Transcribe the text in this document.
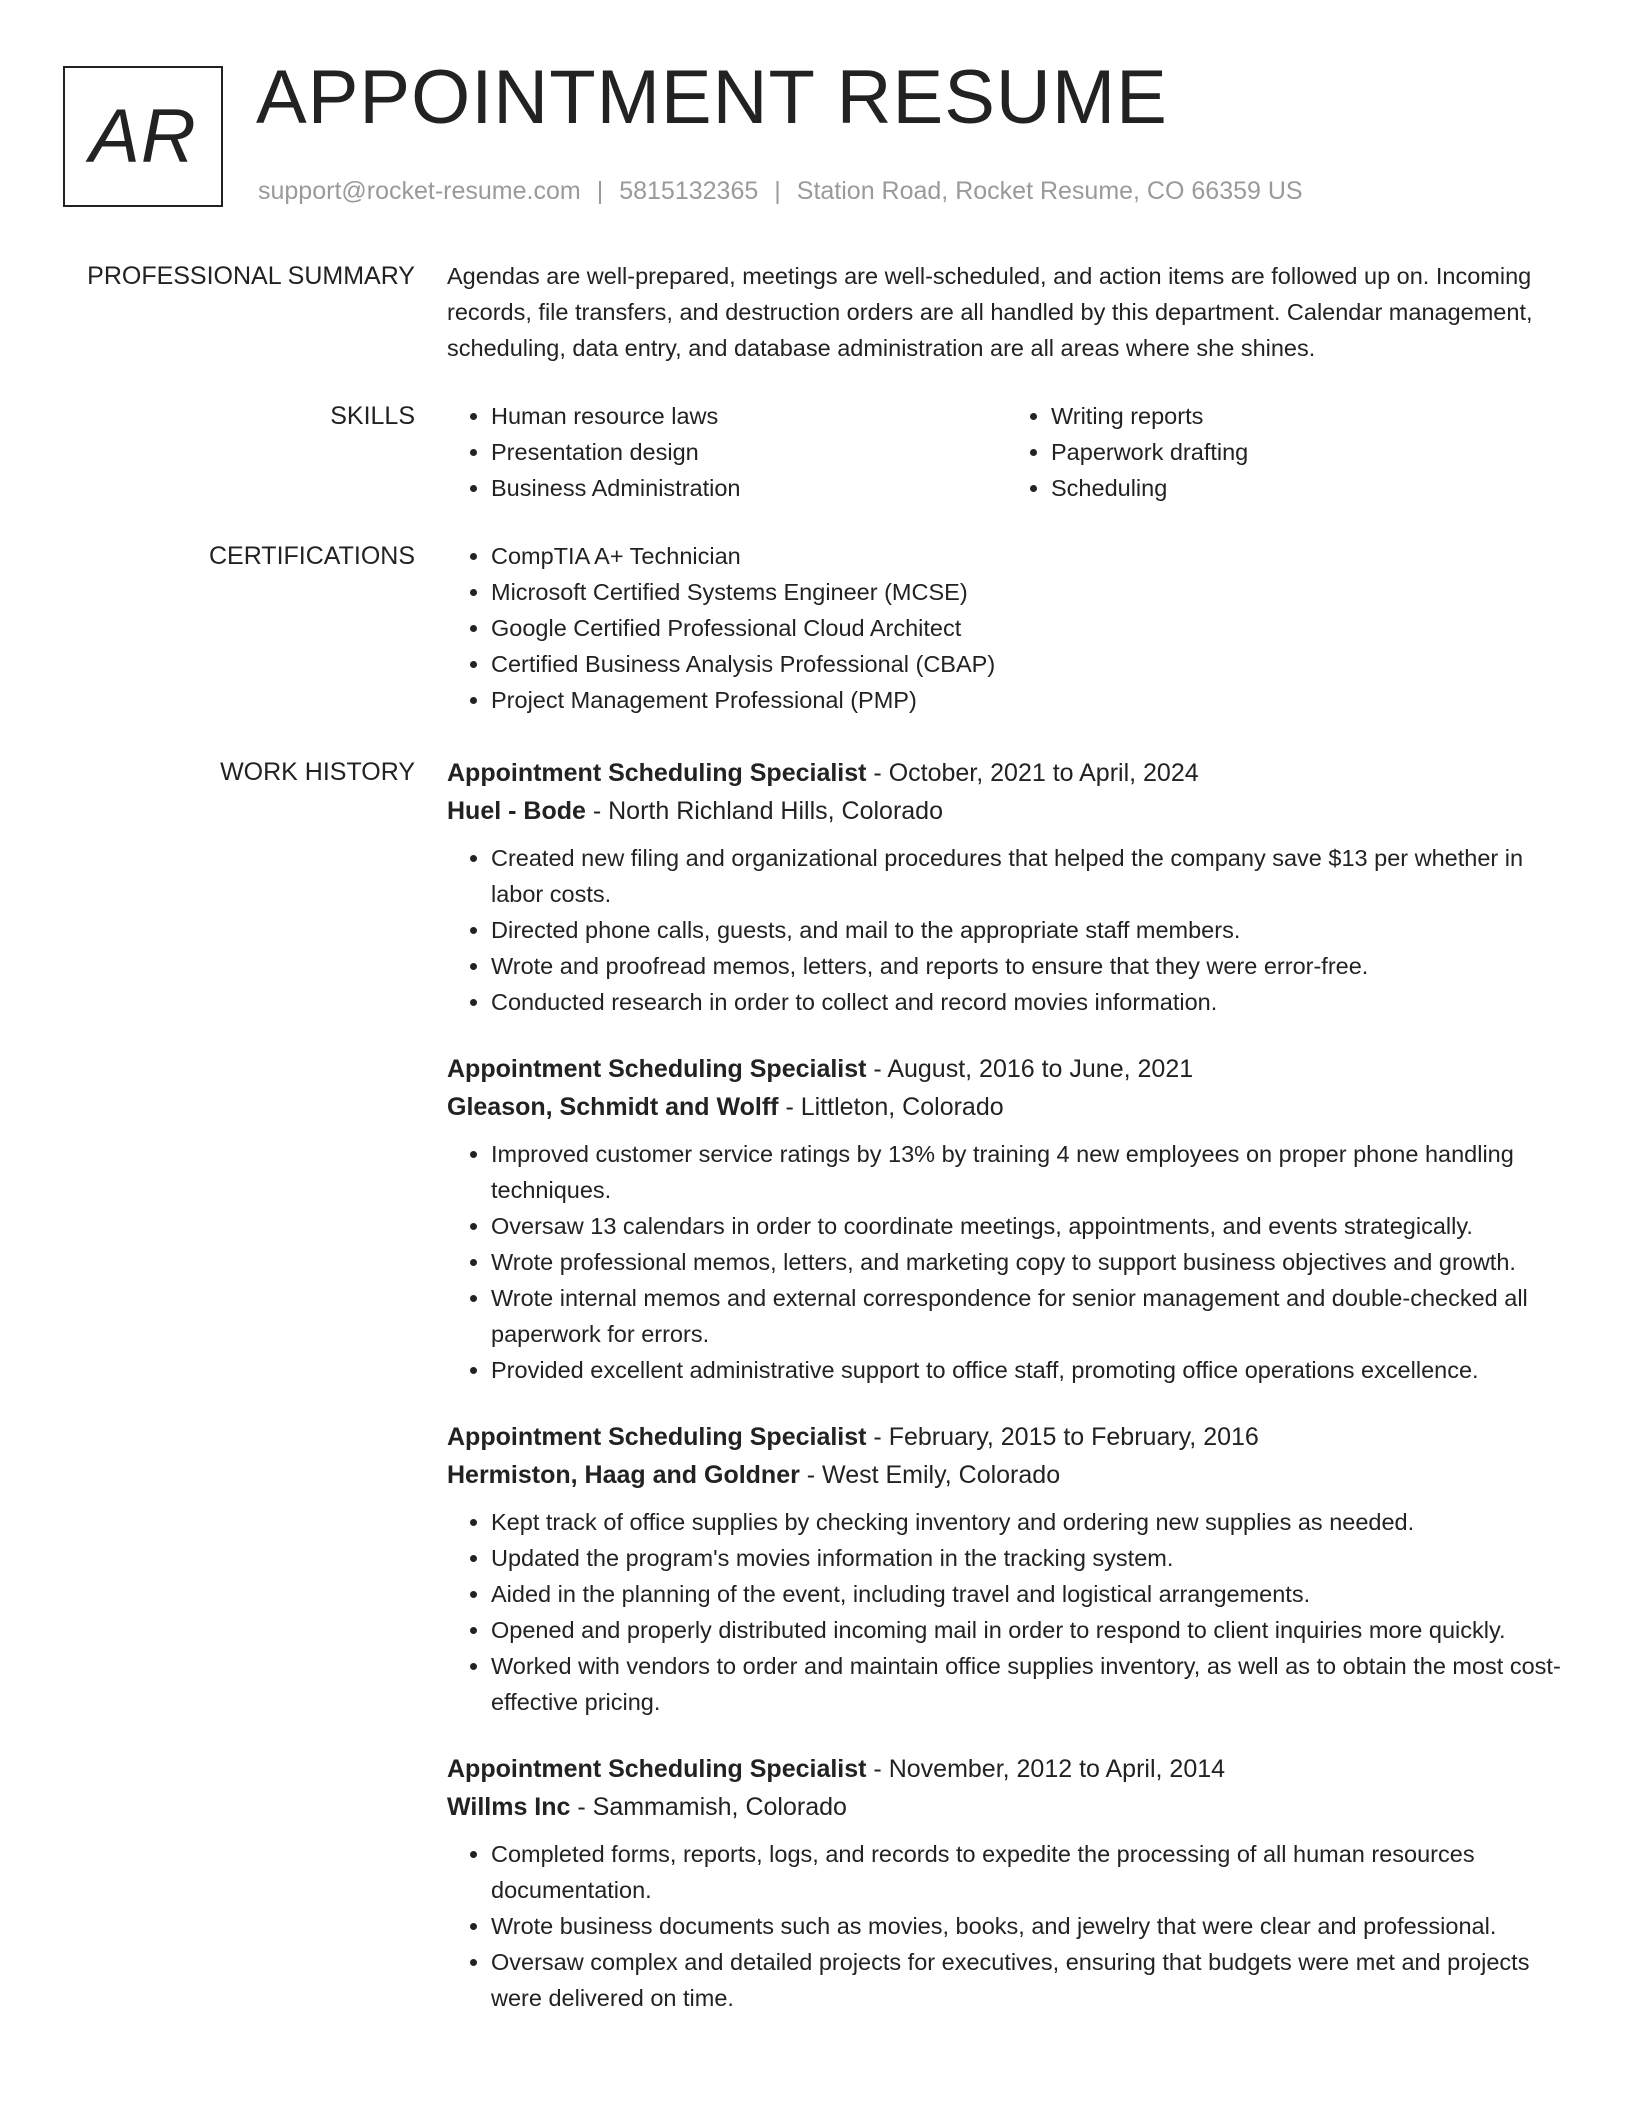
AR APPOINTMENT RESUME
support@rocket-resume.com | 5815132365 | Station Road, Rocket Resume, CO 66359 US
PROFESSIONAL SUMMARY Agendas are well-prepared, meetings are well-scheduled, and action items are followed up on. Incoming records, file transfers, and destruction orders are all handled by this department. Calendar management, scheduling, data entry, and database administration are all areas where she shines.
SKILLS	• Human resource laws
• Presentation design
• Business Administration
• Writing reports
• Paperwork drafting
• Scheduling
CERTIFICATIONS	• CompTIA A+ Technician
• Microsoft Certified Systems Engineer (MCSE)
• Google Certified Professional Cloud Architect
• Certified Business Analysis Professional (CBAP)
• Project Management Professional (PMP)
WORK HISTORY Appointment Scheduling Specialist - October, 2021 to April, 2024
Huel - Bode - North Richland Hills, Colorado
• Created new filing and organizational procedures that helped the company save $13 per whether in labor costs.
• Directed phone calls, guests, and mail to the appropriate staff members.
• Wrote and proofread memos, letters, and reports to ensure that they were error-free.
• Conducted research in order to collect and record movies information.
Appointment Scheduling Specialist - August, 2016 to June, 2021
Gleason, Schmidt and Wolff - Littleton, Colorado
• Improved customer service ratings by 13% by training 4 new employees on proper phone handling techniques.
• Oversaw 13 calendars in order to coordinate meetings, appointments, and events strategically.
• Wrote professional memos, letters, and marketing copy to support business objectives and growth.
• Wrote internal memos and external correspondence for senior management and double-checked all paperwork for errors.
• Provided excellent administrative support to office staff, promoting office operations excellence.
Appointment Scheduling Specialist - February, 2015 to February, 2016
Hermiston, Haag and Goldner - West Emily, Colorado
• Kept track of office supplies by checking inventory and ordering new supplies as needed.
• Updated the program's movies information in the tracking system.
• Aided in the planning of the event, including travel and logistical arrangements.
• Opened and properly distributed incoming mail in order to respond to client inquiries more quickly.
• Worked with vendors to order and maintain office supplies inventory, as well as to obtain the most cost-effective pricing.
Appointment Scheduling Specialist - November, 2012 to April, 2014
Willms Inc - Sammamish, Colorado
• Completed forms, reports, logs, and records to expedite the processing of all human resources documentation.
• Wrote business documents such as movies, books, and jewelry that were clear and professional.
• Oversaw complex and detailed projects for executives, ensuring that budgets were met and projects were delivered on time.
